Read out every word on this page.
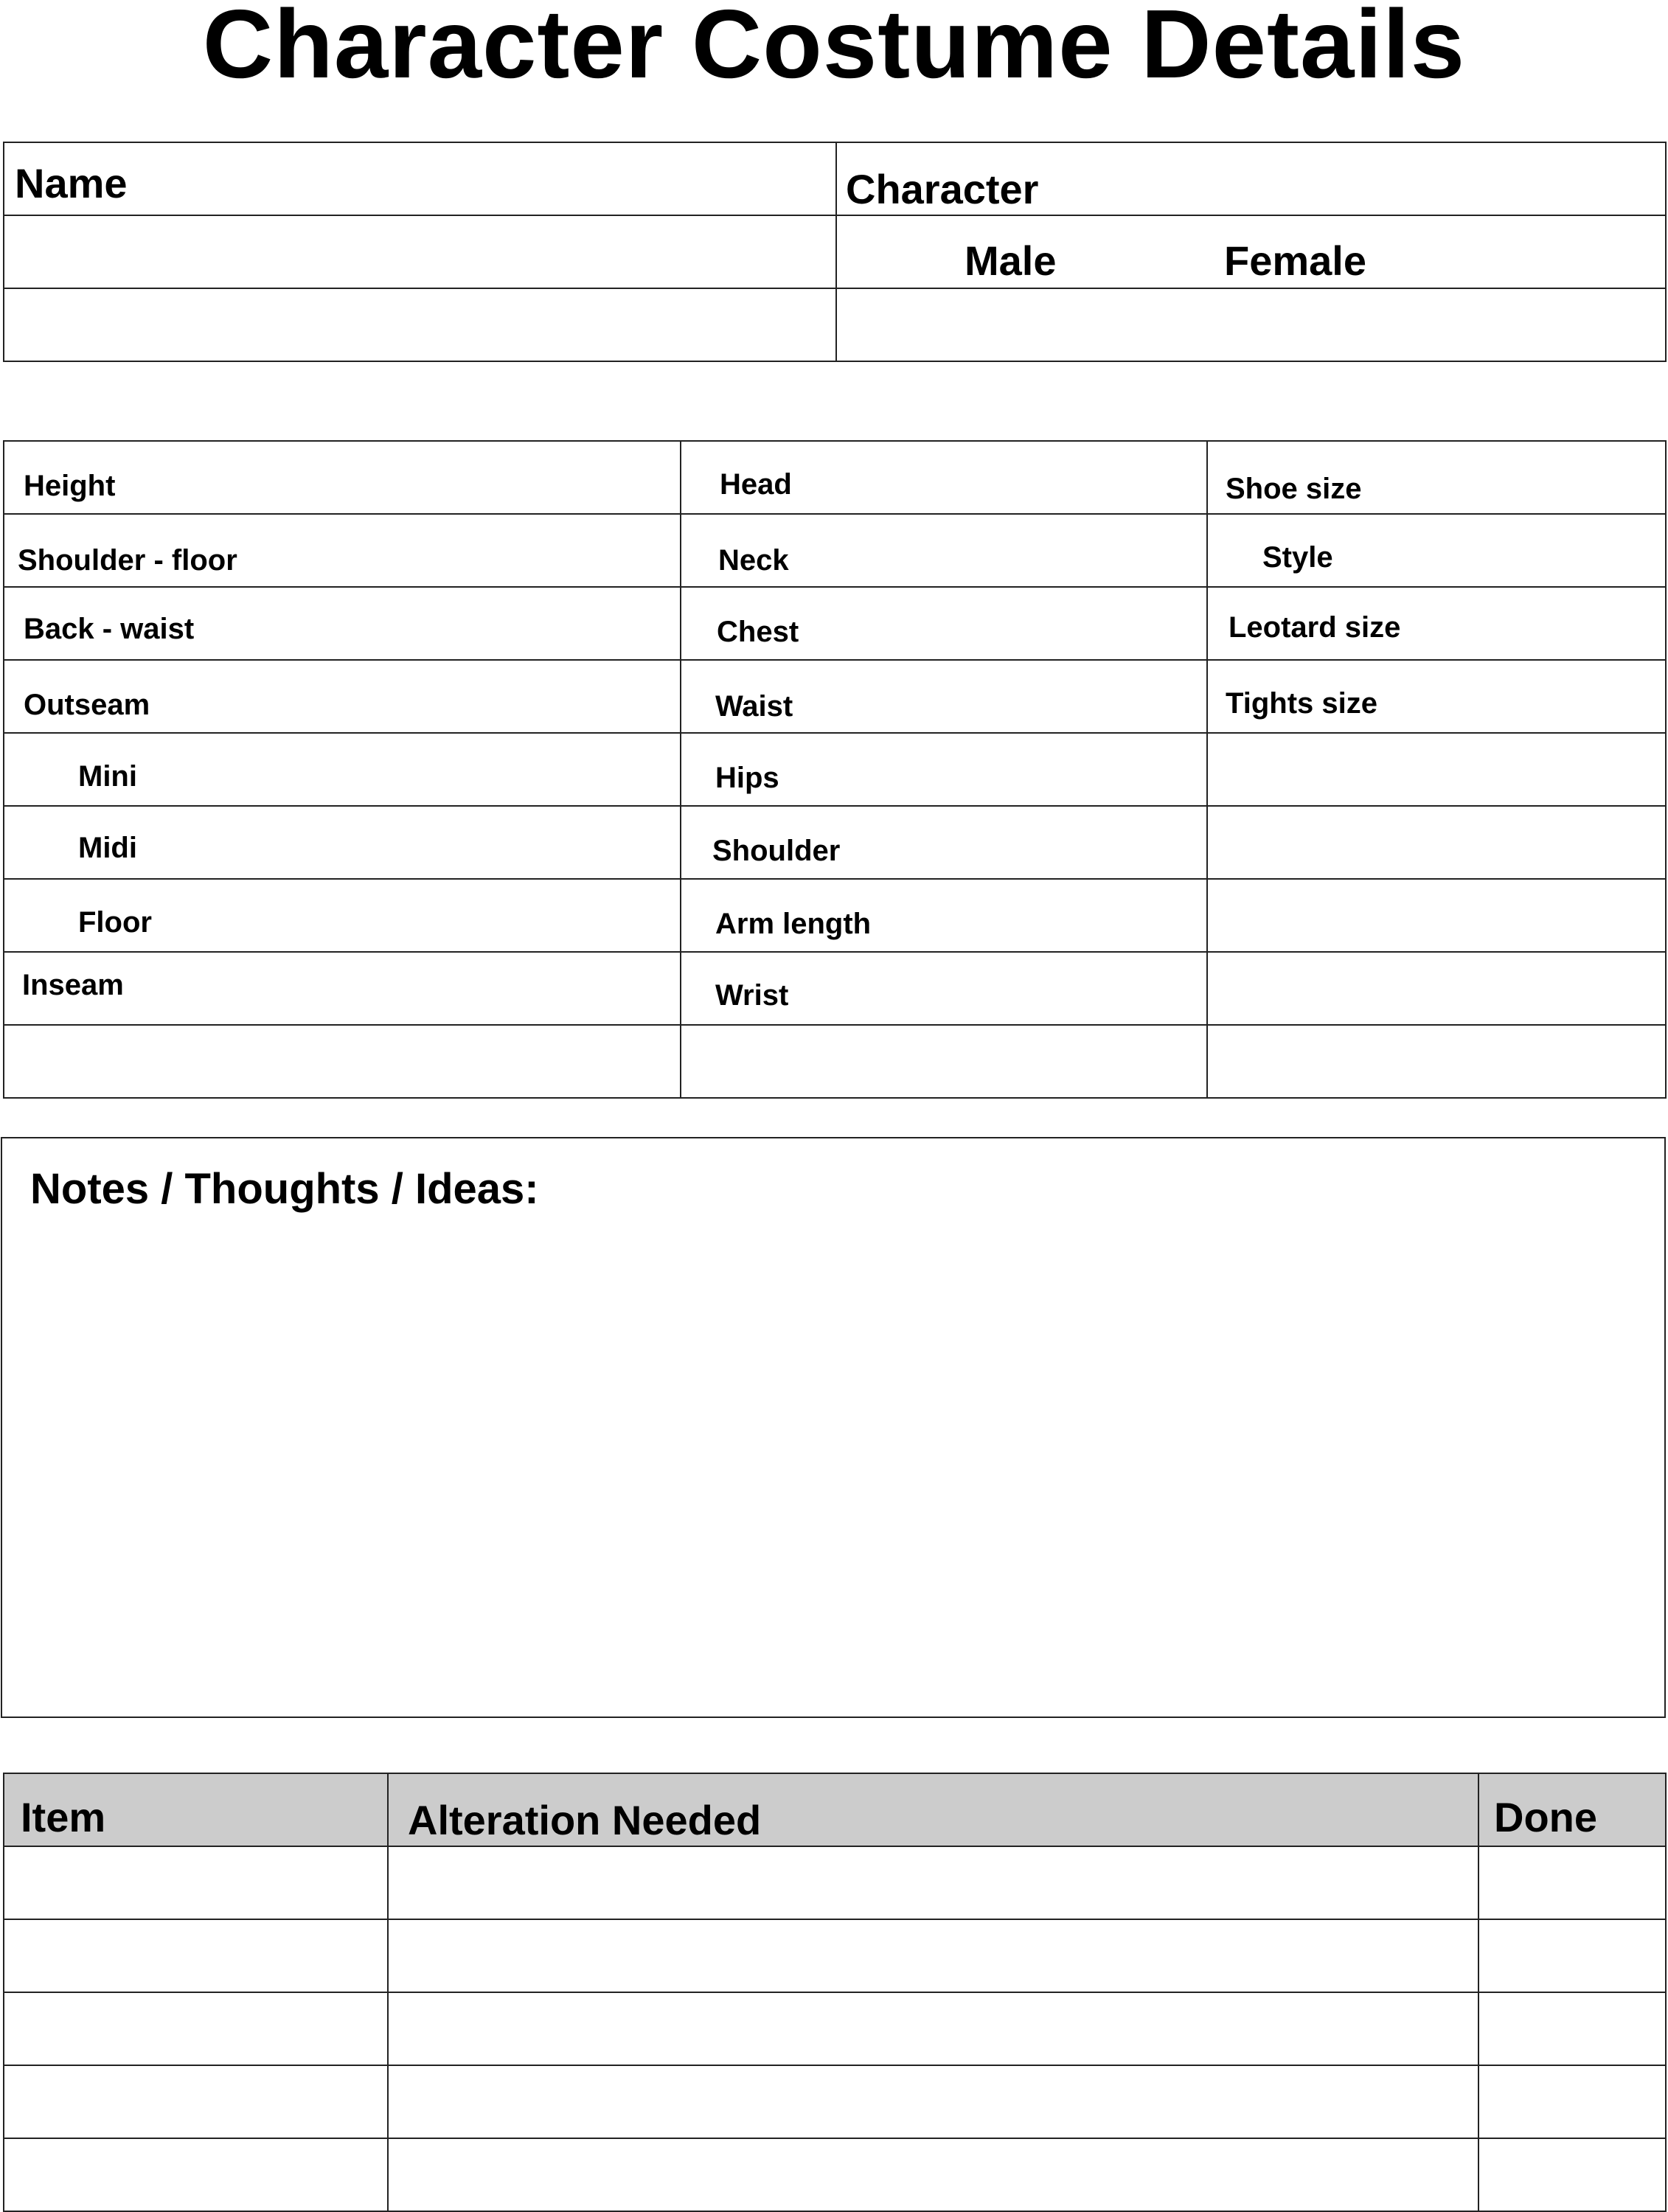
Character Costume Details
Name	Character

	Male Female

Height	Head	Shoe size

Shoulder - floor	Neck	Style

Back - waist	Chest	Leotard size

Outseam	Waist	Tights size

Mini	Hips	

Midi	Shoulder	

Floor	Arm length	

Inseam	Wrist	

Notes / Thoughts / Ideas:
Item	Alteration Needed	Done
